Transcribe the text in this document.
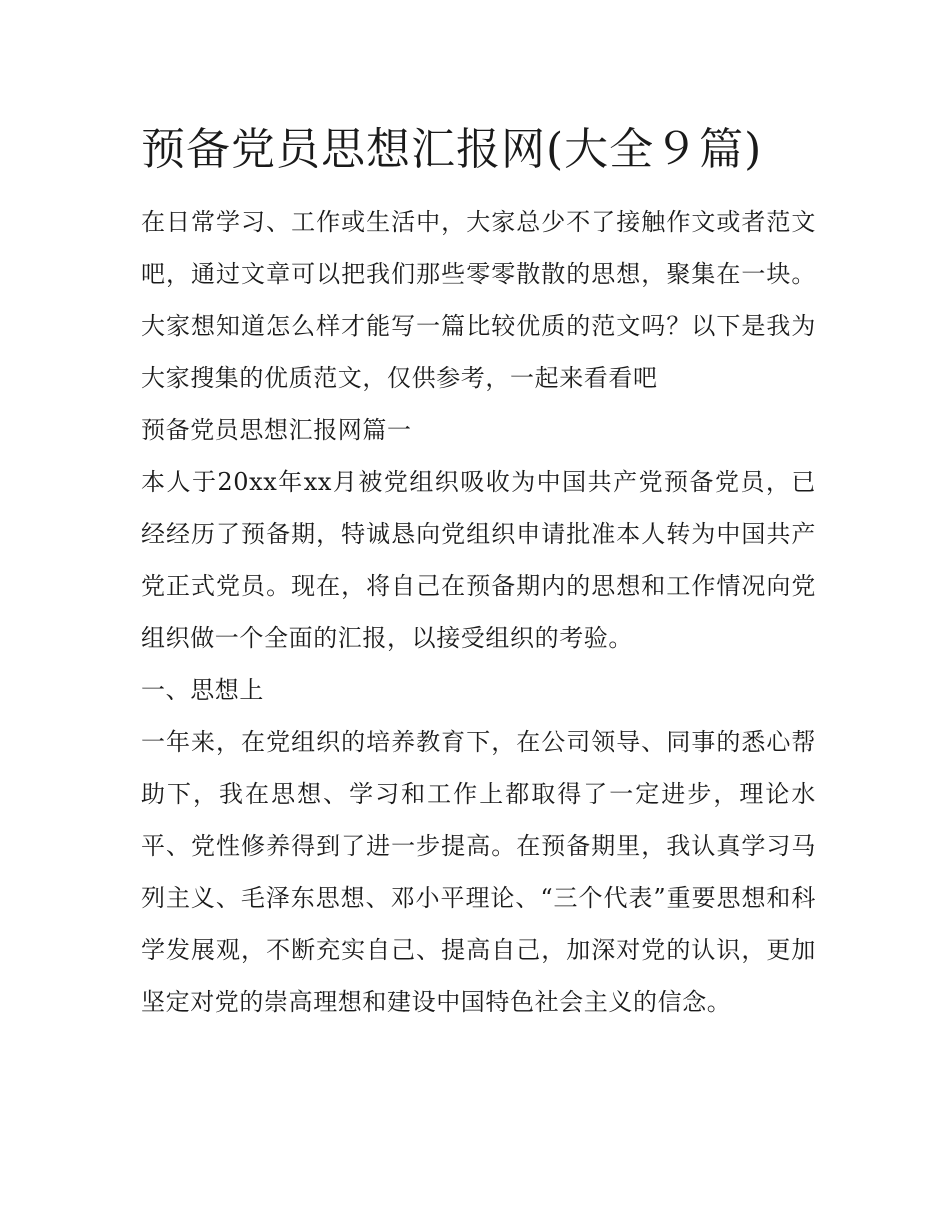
预备党员思想汇报网(大全９篇)

在日常学习、工作或生活中，大家总少不了接触作文或者范文吧，通过文章可以把我们那些零零散散的思想，聚集在一块。大家想知道怎么样才能写一篇比较优质的范文吗？以下是我为大家搜集的优质范文，仅供参考，一起来看看吧

预备党员思想汇报网篇一

本人于20xx年xx月被党组织吸收为中国共产党预备党员，已经经历了预备期，特诚恳向党组织申请批准本人转为中国共产党正式党员。现在，将自己在预备期内的思想和工作情况向党组织做一个全面的汇报，以接受组织的考验。

一、思想上

一年来，在党组织的培养教育下，在公司领导、同事的悉心帮助下，我在思想、学习和工作上都取得了一定进步，理论水平、党性修养得到了进一步提高。在预备期里，我认真学习马列主义、毛泽东思想、邓小平理论、“三个代表”重要思想和科学发展观，不断充实自己、提高自己，加深对党的认识，更加坚定对党的崇高理想和建设中国特色社会主义的信念。
